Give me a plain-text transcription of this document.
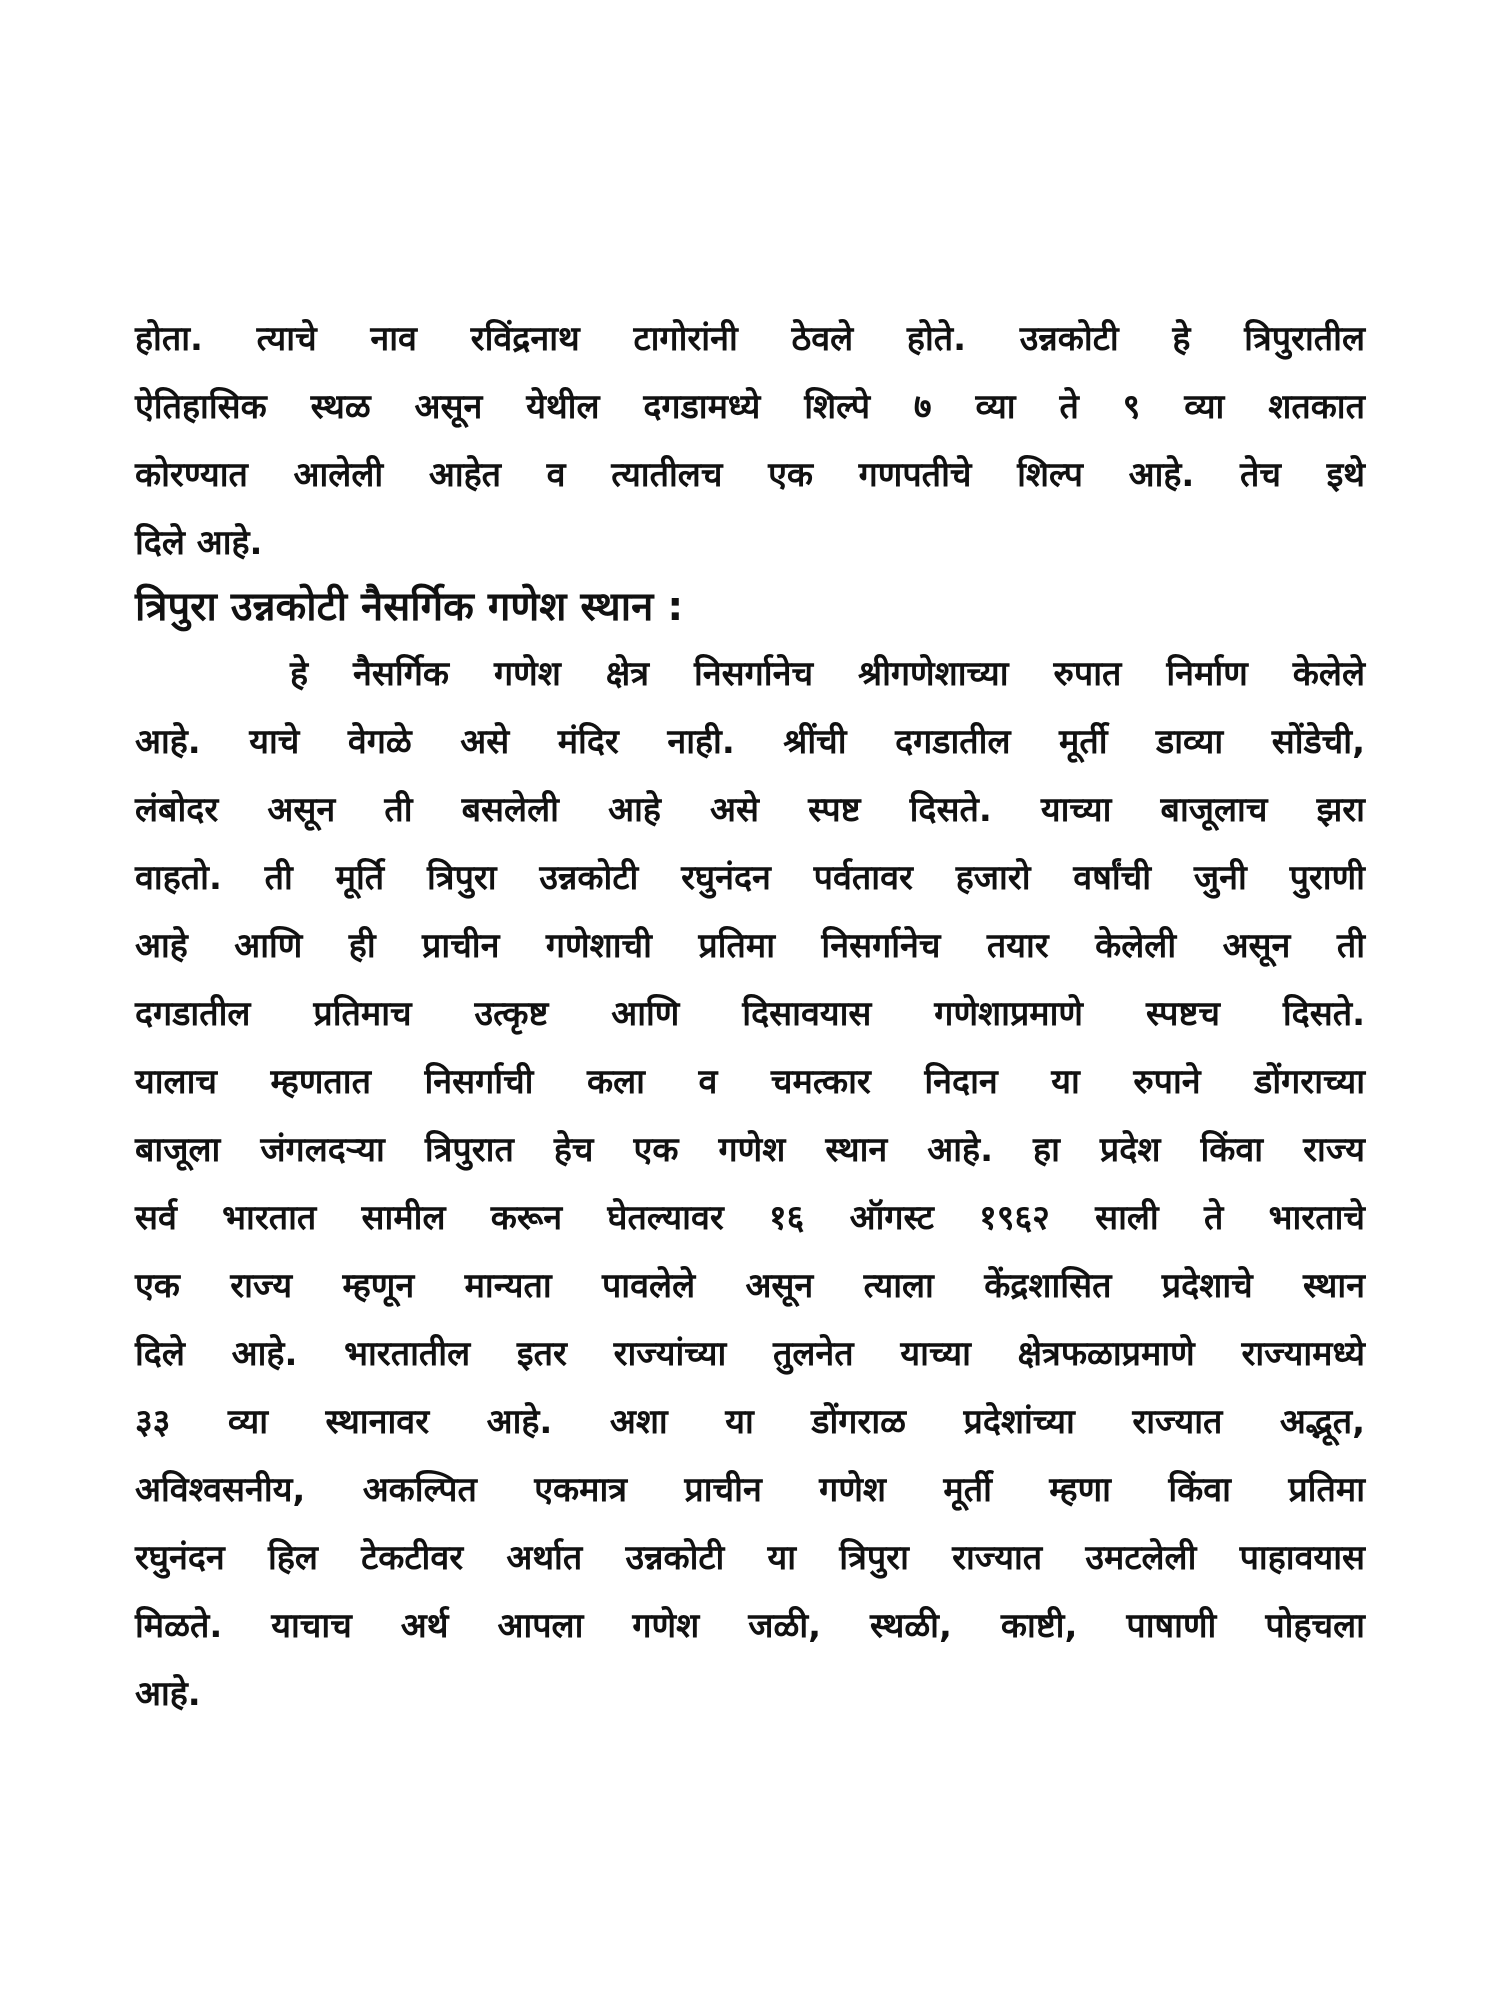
होता. त्याचे नाव रविंद्रनाथ टागोरांनी ठेवले होते. उन्नकोटी हे त्रिपुरातील
ऐतिहासिक स्थळ असून येथील दगडामध्ये शिल्पे ७ व्या ते ९ व्या शतकात
कोरण्यात आलेली आहेत व त्यातीलच एक गणपतीचे शिल्प आहे. तेच इथे
दिले आहे.
त्रिपुरा उन्नकोटी नैसर्गिक गणेश स्थान :
हे नैसर्गिक गणेश क्षेत्र निसर्गानेच श्रीगणेशाच्या रुपात निर्माण केलेले
आहे. याचे वेगळे असे मंदिर नाही. श्रींची दगडातील मूर्ती डाव्या सोंडेची,
लंबोदर असून ती बसलेली आहे असे स्पष्ट दिसते. याच्या बाजूलाच झरा
वाहतो. ती मूर्ति त्रिपुरा उन्नकोटी रघुनंदन पर्वतावर हजारो वर्षांची जुनी पुराणी
आहे आणि ही प्राचीन गणेशाची प्रतिमा निसर्गानेच तयार केलेली असून ती
दगडातील प्रतिमाच उत्कृष्ट आणि दिसावयास गणेशाप्रमाणे स्पष्टच दिसते.
यालाच म्हणतात निसर्गाची कला व चमत्कार निदान या रुपाने डोंगराच्या
बाजूला जंगलदऱ्या त्रिपुरात हेच एक गणेश स्थान आहे. हा प्रदेश किंवा राज्य
सर्व भारतात सामील करून घेतल्यावर १६ ऑगस्ट १९६२ साली ते भारताचे
एक राज्य म्हणून मान्यता पावलेले असून त्याला केंद्रशासित प्रदेशाचे स्थान
दिले आहे. भारतातील इतर राज्यांच्या तुलनेत याच्या क्षेत्रफळाप्रमाणे राज्यामध्ये
३३ व्या स्थानावर आहे. अशा या डोंगराळ प्रदेशांच्या राज्यात अद्भूत,
अविश्वसनीय, अकल्पित एकमात्र प्राचीन गणेश मूर्ती म्हणा किंवा प्रतिमा
रघुनंदन हिल टेकटीवर अर्थात उन्नकोटी या त्रिपुरा राज्यात उमटलेली पाहावयास
मिळते. याचाच अर्थ आपला गणेश जळी, स्थळी, काष्टी, पाषाणी पोहचला
आहे.
